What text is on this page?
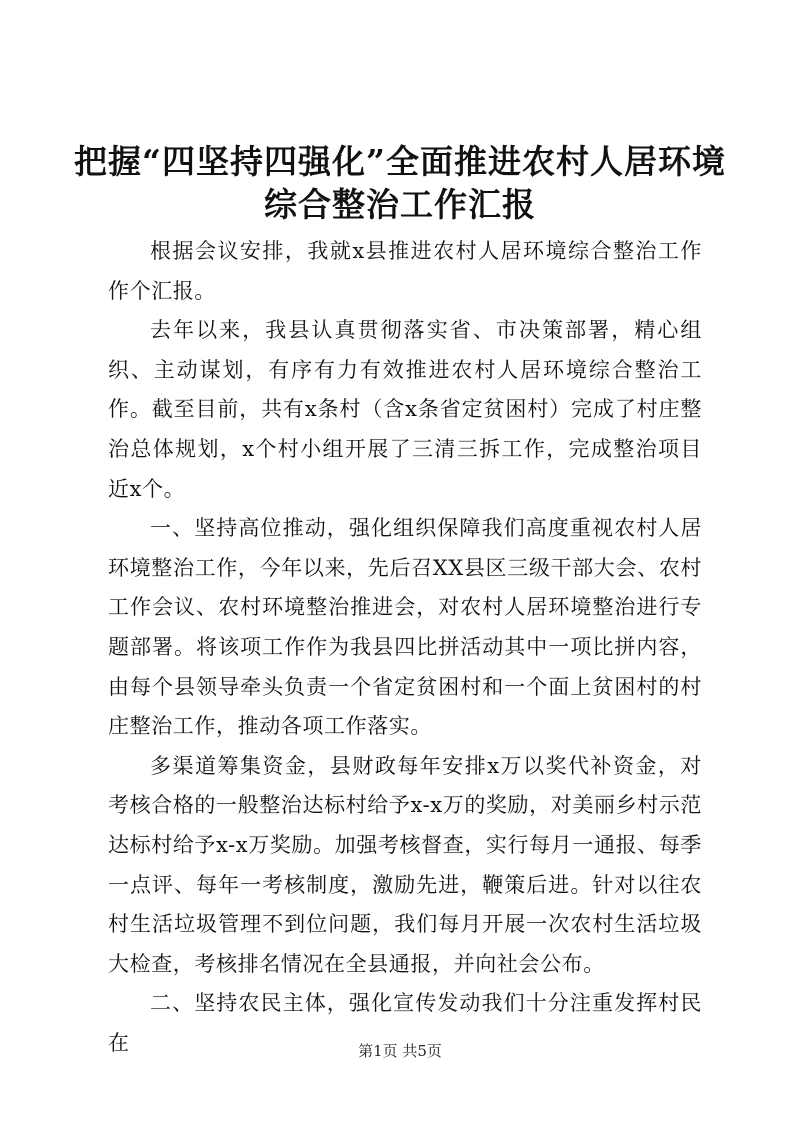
把握“四坚持四强化”全面推进农村人居环境
综合整治工作汇报

根据会议安排，我就x县推进农村人居环境综合整治工作作个汇报。

去年以来，我县认真贯彻落实省、市决策部署，精心组织、主动谋划，有序有力有效推进农村人居环境综合整治工作。截至目前，共有x条村（含x条省定贫困村）完成了村庄整治总体规划，x个村小组开展了三清三拆工作，完成整治项目近x个。

一、坚持高位推动，强化组织保障我们高度重视农村人居环境整治工作，今年以来，先后召XX县区三级干部大会、农村工作会议、农村环境整治推进会，对农村人居环境整治进行专题部署。将该项工作作为我县四比拼活动其中一项比拼内容，由每个县领导牵头负责一个省定贫困村和一个面上贫困村的村庄整治工作，推动各项工作落实。

多渠道筹集资金，县财政每年安排x万以奖代补资金，对考核合格的一般整治达标村给予x-x万的奖励，对美丽乡村示范达标村给予x-x万奖励。加强考核督查，实行每月一通报、每季一点评、每年一考核制度，激励先进，鞭策后进。针对以往农村生活垃圾管理不到位问题，我们每月开展一次农村生活垃圾大检查，考核排名情况在全县通报，并向社会公布。

二、坚持农民主体，强化宣传发动我们十分注重发挥村民在	第1页 共5页
